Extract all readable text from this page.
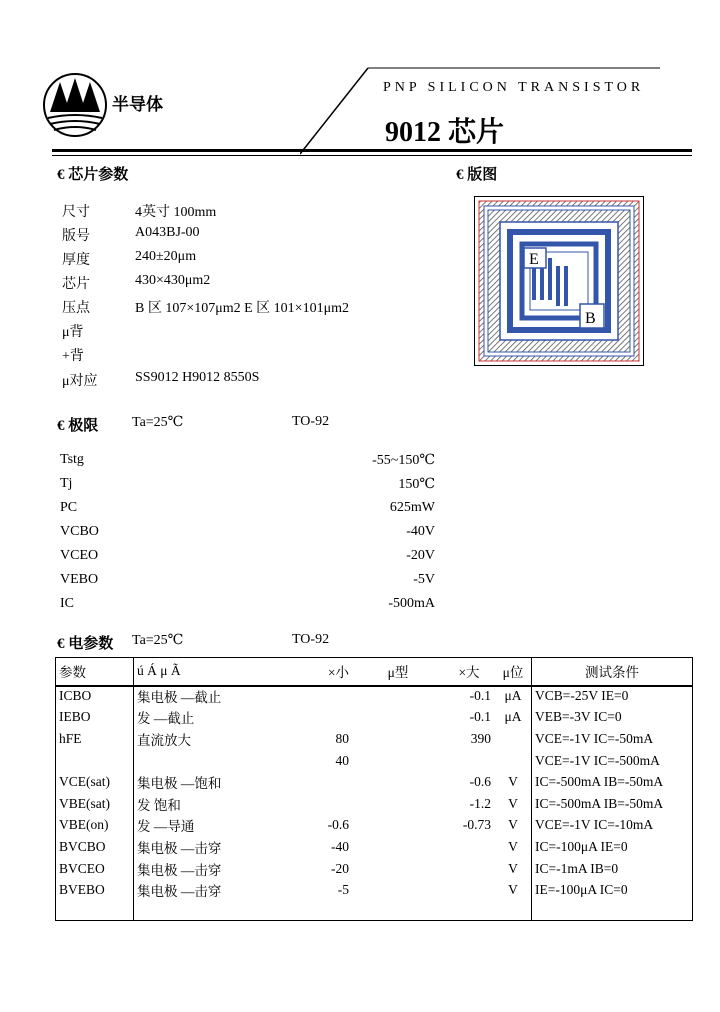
半导体
PNP SILICON TRANSISTOR
9012 芯片
€ 芯片参数	€ 版图
尺寸	4英寸 100mm
版号	A043BJ-00
厚度	240±20μm
芯片	430×430μm2
压点	B 区 107×107μm2 E 区 101×101μm2
μ背
+背
μ对应	SS9012 H9012 8550S
E
B
€ 极限 Ta=25℃	TO-92
Tstg	-55~150℃
Tj	150℃
PC	625mW
VCBO	-40V
VCEO	-20V
VEBO	-5V
IC	-500mA
€ 电参数 Ta=25℃	TO-92
参数	ú Á μ Ã	×小	μ型	×大	μ位	测试条件
ICBO	集电极 —截止			-0.1	μA	VCB=-25V IE=0
IEBO	发 —截止			-0.1	μA	VEB=-3V IC=0
hFE	直流放大	80		390		VCE=-1V IC=-50mA
		40				VCE=-1V IC=-500mA
VCE(sat)	集电极 —饱和			-0.6	V	IC=-500mA IB=-50mA
VBE(sat)	发 饱和			-1.2	V	IC=-500mA IB=-50mA
VBE(on)	发 —导通	-0.6		-0.73	V	VCE=-1V IC=-10mA
BVCBO	集电极 —击穿	-40			V	IC=-100μA IE=0
BVCEO	集电极 —击穿	-20			V	IC=-1mA IB=0
BVEBO	集电极 —击穿	-5			V	IE=-100μA IC=0
